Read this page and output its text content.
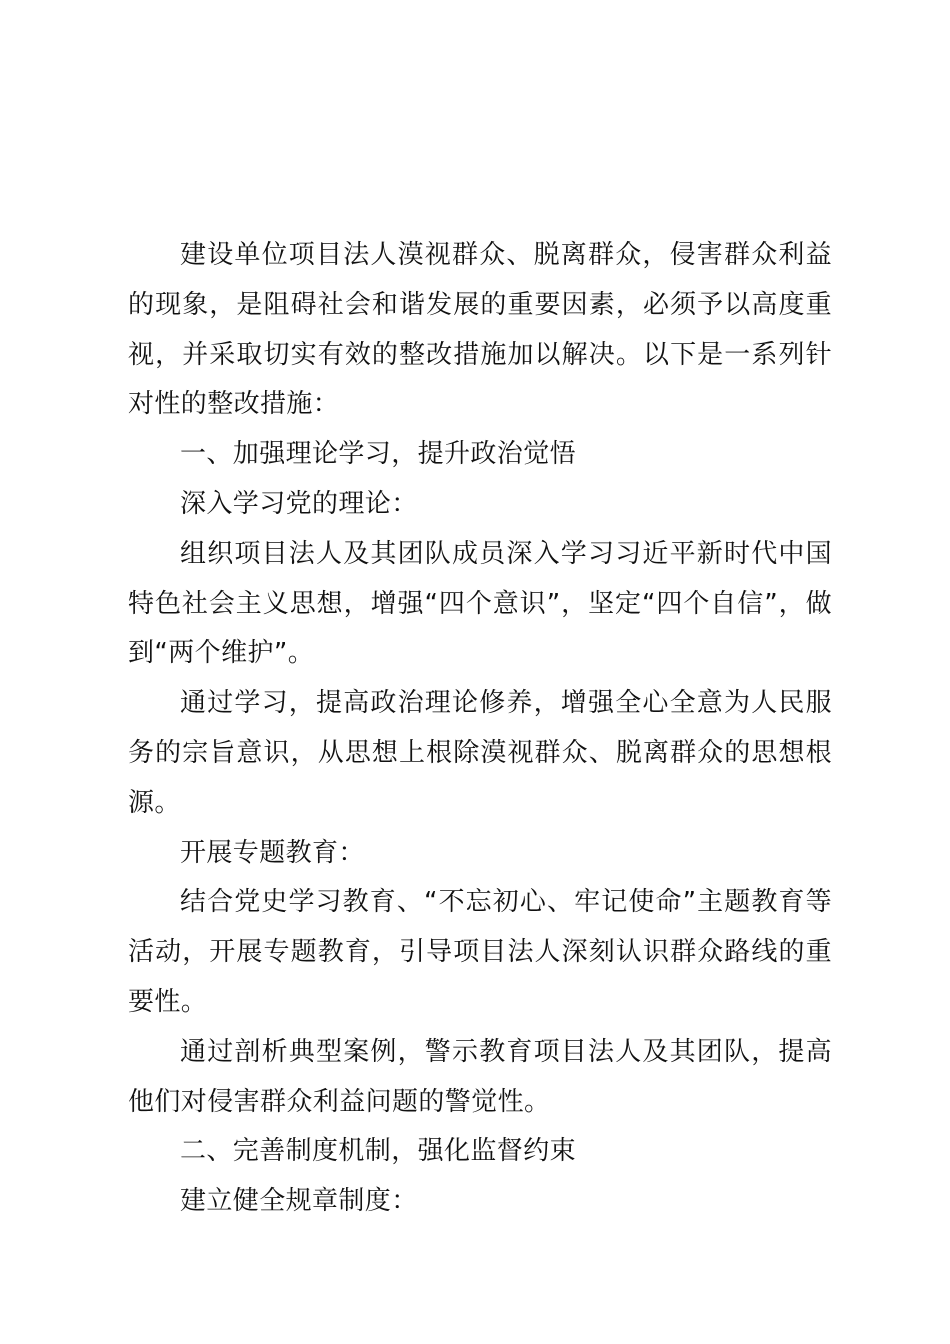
建设单位项目法人漠视群众、脱离群众，侵害群众利益的现象，是阻碍社会和谐发展的重要因素，必须予以高度重视，并采取切实有效的整改措施加以解决。以下是一系列针对性的整改措施：

一、加强理论学习，提升政治觉悟

深入学习党的理论：

组织项目法人及其团队成员深入学习习近平新时代中国特色社会主义思想，增强“四个意识”，坚定“四个自信”，做到“两个维护”。

通过学习，提高政治理论修养，增强全心全意为人民服务的宗旨意识，从思想上根除漠视群众、脱离群众的思想根源。

开展专题教育：

结合党史学习教育、“不忘初心、牢记使命”主题教育等活动，开展专题教育，引导项目法人深刻认识群众路线的重要性。

通过剖析典型案例，警示教育项目法人及其团队，提高他们对侵害群众利益问题的警觉性。

二、完善制度机制，强化监督约束

建立健全规章制度：
